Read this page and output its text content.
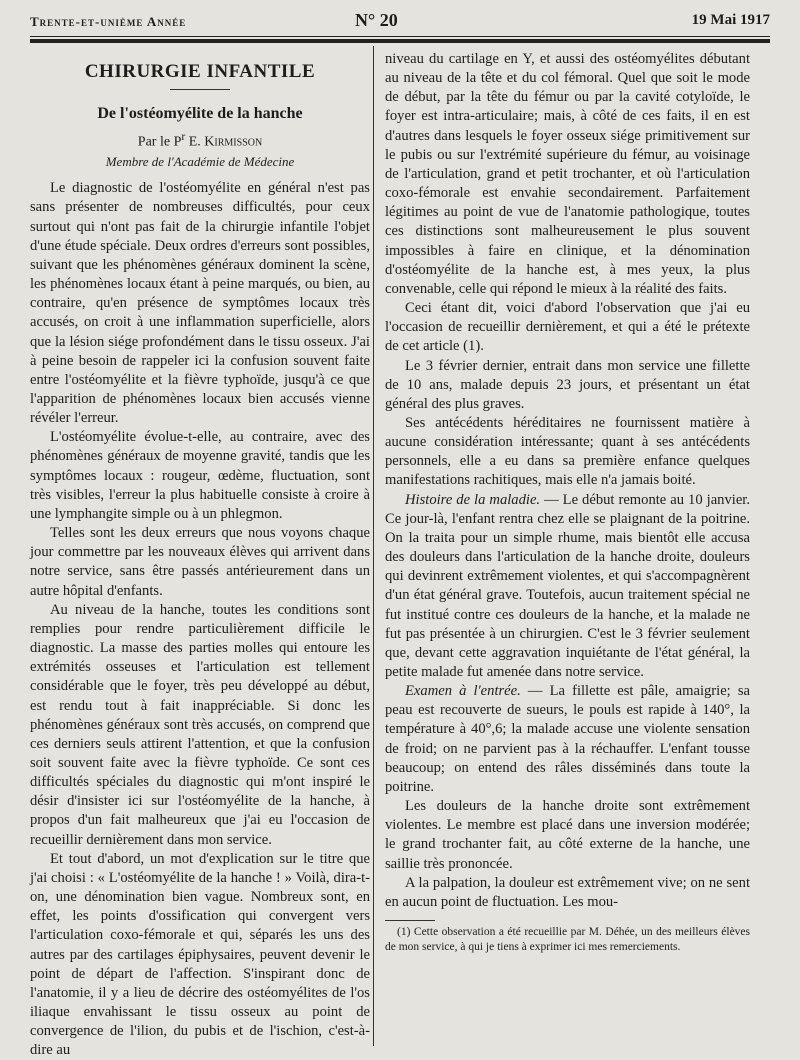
Trente-et-unième Année	N° 20	19 Mai 1917
CHIRURGIE INFANTILE
De l'ostéomyélite de la hanche
Par le $P^r$ E. Kirmisson
Membre de l'Académie de Médecine

Le diagnostic de l'ostéomyélite en général n'est pas sans présenter de nombreuses difficultés, pour ceux surtout qui n'ont pas fait de la chirurgie infantile l'objet d'une étude spéciale. Deux ordres d'erreurs sont possibles, suivant que les phénomènes généraux dominent la scène, les phénomènes locaux étant à peine marqués, ou bien, au contraire, qu'en présence de symptômes locaux très accusés, on croit à une inflammation superficielle, alors que la lésion siége profondément dans le tissu osseux. J'ai à peine besoin de rappeler ici la confusion souvent faite entre l'ostéomyélite et la fièvre typhoïde, jusqu'à ce que l'apparition de phénomènes locaux bien accusés vienne révéler l'erreur.

L'ostéomyélite évolue-t-elle, au contraire, avec des phénomènes généraux de moyenne gravité, tandis que les symptômes locaux : rougeur, œdème, fluctuation, sont très visibles, l'erreur la plus habituelle consiste à croire à une lymphangite simple ou à un phlegmon.

Telles sont les deux erreurs que nous voyons chaque jour commettre par les nouveaux élèves qui arrivent dans notre service, sans être passés antérieurement dans un autre hôpital d'enfants.

Au niveau de la hanche, toutes les conditions sont remplies pour rendre particulièrement difficile le diagnostic. La masse des parties molles qui entoure les extrémités osseuses et l'articulation est tellement considérable que le foyer, très peu développé au début, est rendu tout à fait inappréciable. Si donc les phénomènes généraux sont très accusés, on comprend que ces derniers seuls attirent l'attention, et que la confusion soit souvent faite avec la fièvre typhoïde. Ce sont ces difficultés spéciales du diagnostic qui m'ont inspiré le désir d'insister ici sur l'ostéomyélite de la hanche, à propos d'un fait malheureux que j'ai eu l'occasion de recueillir dernièrement dans mon service.

Et tout d'abord, un mot d'explication sur le titre que j'ai choisi : « L'ostéomyélite de la hanche ! » Voilà, dira-t-on, une dénomination bien vague. Nombreux sont, en effet, les points d'ossification qui convergent vers l'articulation coxo-fémorale et qui, séparés les uns des autres par des cartilages épiphysaires, peuvent devenir le point de départ de l'affection. S'inspirant donc de l'anatomie, il y a lieu de décrire des ostéomyélites de l'os iliaque envahissant le tissu osseux au point de convergence de l'ilion, du pubis et de l'ischion, c'est-à-dire au

niveau du cartilage en Y, et aussi des ostéomyélites débutant au niveau de la tête et du col fémoral. Quel que soit le mode de début, par la tête du fémur ou par la cavité cotyloïde, le foyer est intra-articulaire; mais, à côté de ces faits, il en est d'autres dans lesquels le foyer osseux siége primitivement sur le pubis ou sur l'extrémité supérieure du fémur, au voisinage de l'articulation, grand et petit trochanter, et où l'articulation coxo-fémorale est envahie secondairement. Parfaitement légitimes au point de vue de l'anatomie pathologique, toutes ces distinctions sont malheureusement le plus souvent impossibles à faire en clinique, et la dénomination d'ostéomyélite de la hanche est, à mes yeux, la plus convenable, celle qui répond le mieux à la réalité des faits.

Ceci étant dit, voici d'abord l'observation que j'ai eu l'occasion de recueillir dernièrement, et qui a été le prétexte de cet article (1).

Le 3 février dernier, entrait dans mon service une fillette de 10 ans, malade depuis 23 jours, et présentant un état général des plus graves.

Ses antécédents héréditaires ne fournissent matière à aucune considération intéressante; quant à ses antécédents personnels, elle a eu dans sa première enfance quelques manifestations rachitiques, mais elle n'a jamais boité.

Histoire de la maladie. — Le début remonte au 10 janvier. Ce jour-là, l'enfant rentra chez elle se plaignant de la poitrine. On la traita pour un simple rhume, mais bientôt elle accusa des douleurs dans l'articulation de la hanche droite, douleurs qui devinrent extrêmement violentes, et qui s'accompagnèrent d'un état général grave. Toutefois, aucun traitement spécial ne fut institué contre ces douleurs de la hanche, et la malade ne fut pas présentée à un chirurgien. C'est le 3 février seulement que, devant cette aggravation inquiétante de l'état général, la petite malade fut amenée dans notre service.

Examen à l'entrée. — La fillette est pâle, amaigrie; sa peau est recouverte de sueurs, le pouls est rapide à 140°, la température à 40°,6; la malade accuse une violente sensation de froid; on ne parvient pas à la réchauffer. L'enfant tousse beaucoup; on entend des râles disséminés dans toute la poitrine.

Les douleurs de la hanche droite sont extrêmement violentes. Le membre est placé dans une inversion modérée; le grand trochanter fait, au côté externe de la hanche, une saillie très prononcée.

A la palpation, la douleur est extrêmement vive; on ne sent en aucun point de fluctuation. Les mou-

(1) Cette observation a été recueillie par M. Déhée, un des meilleurs élèves de mon service, à qui je tiens à exprimer ici mes remerciements.
